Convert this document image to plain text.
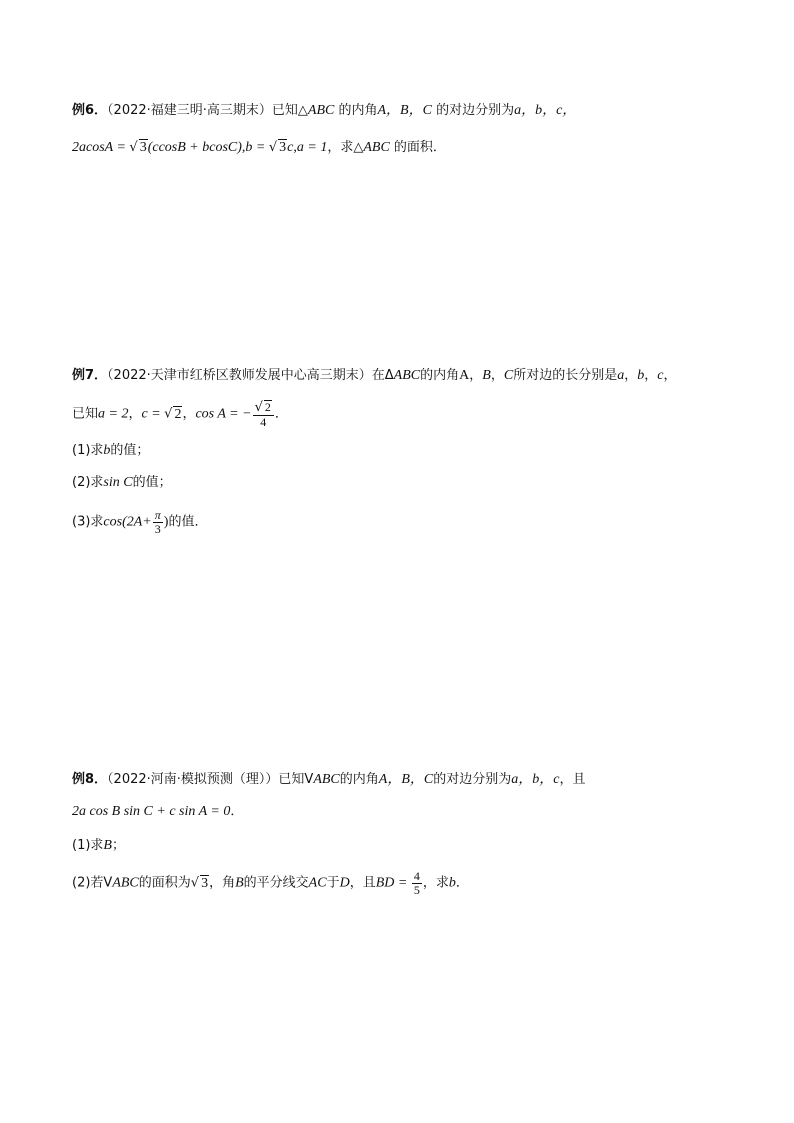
例6．（2022·福建三明·高三期末）已知△ABC 的内角A，B，C 的对边分别为a，b，c，
2acosA = √ 3(ccosB + bcosC),b = √ 3c,a = 1，求△ABC 的面积．
例7．（2022·天津市红桥区教师发展中心高三期末）在ΔABC的内角A，B，C所对边的长分别是a，b，c，
已知a = 2，c = √ 2，cos A = − $\frac{√ 2}{4}$ ．
(1)求b的值；
(2)求sin C的值；
(3)求$\cos(2A+ \frac{\pi}{3}$ )的值．
例8．（2022·河南·模拟预测（理））已知VABC的内角A，B，C的对边分别为a，b，c，且
2a cos B sin C + c sin A = 0．
(1)求B；
(2)若VABC的面积为√ 3，角B的平分线交AC于D，且BD = $\frac{4}{5}$ ，求b．
